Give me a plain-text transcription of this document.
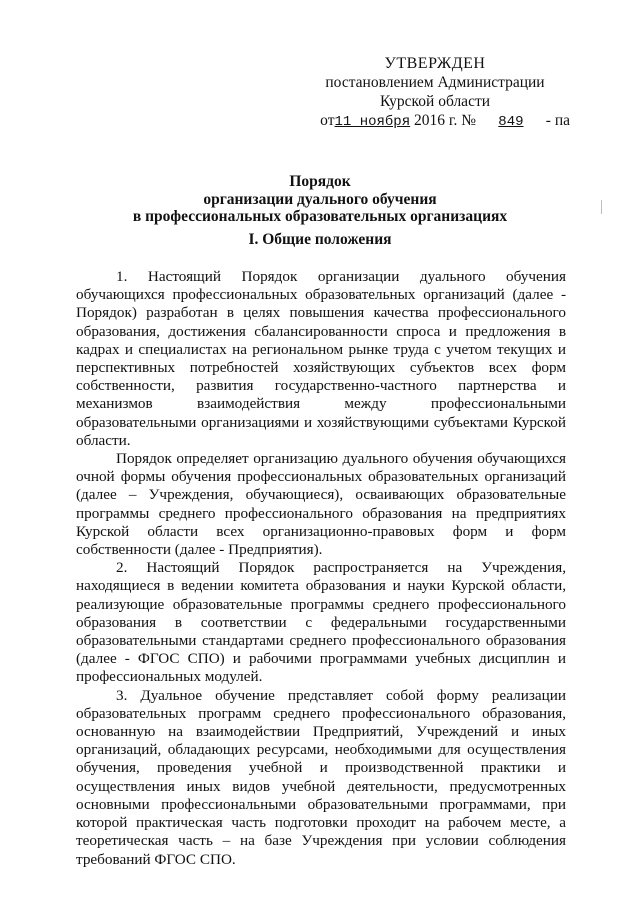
УТВЕРЖДЕН
постановлением Администрации
Курской области
от11 ноября 2016 г. № 849 - па
Порядок
организации дуального обучения
в профессиональных образовательных организациях
I. Общие положения

1. Настоящий Порядок организации дуального обучения обучающихся профессиональных образовательных организаций (далее - Порядок) разработан в целях повышения качества профессионального образования, достижения сбалансированности спроса и предложения в кадрах и специалистах на региональном рынке труда с учетом текущих и перспективных потребностей хозяйствующих субъектов всех форм собственности, развития государственно-частного партнерства и механизмов взаимодействия между профессиональными образовательными организациями и хозяйствующими субъектами Курской области.

Порядок определяет организацию дуального обучения обучающихся очной формы обучения профессиональных образовательных организаций (далее – Учреждения, обучающиеся), осваивающих образовательные программы среднего профессионального образования на предприятиях Курской области всех организационно-правовых форм и форм собственности (далее - Предприятия).

2. Настоящий Порядок распространяется на Учреждения, находящиеся в ведении комитета образования и науки Курской области, реализующие образовательные программы среднего профессионального образования в соответствии с федеральными государственными образовательными стандартами среднего профессионального образования (далее - ФГОС СПО) и рабочими программами учебных дисциплин и профессиональных модулей.

3. Дуальное обучение представляет собой форму реализации образовательных программ среднего профессионального образования, основанную на взаимодействии Предприятий, Учреждений и иных организаций, обладающих ресурсами, необходимыми для осуществления обучения, проведения учебной и производственной практики и осуществления иных видов учебной деятельности, предусмотренных основными профессиональными образовательными программами, при которой практическая часть подготовки проходит на рабочем месте, а теоретическая часть – на базе Учреждения при условии соблюдения требований ФГОС СПО.
